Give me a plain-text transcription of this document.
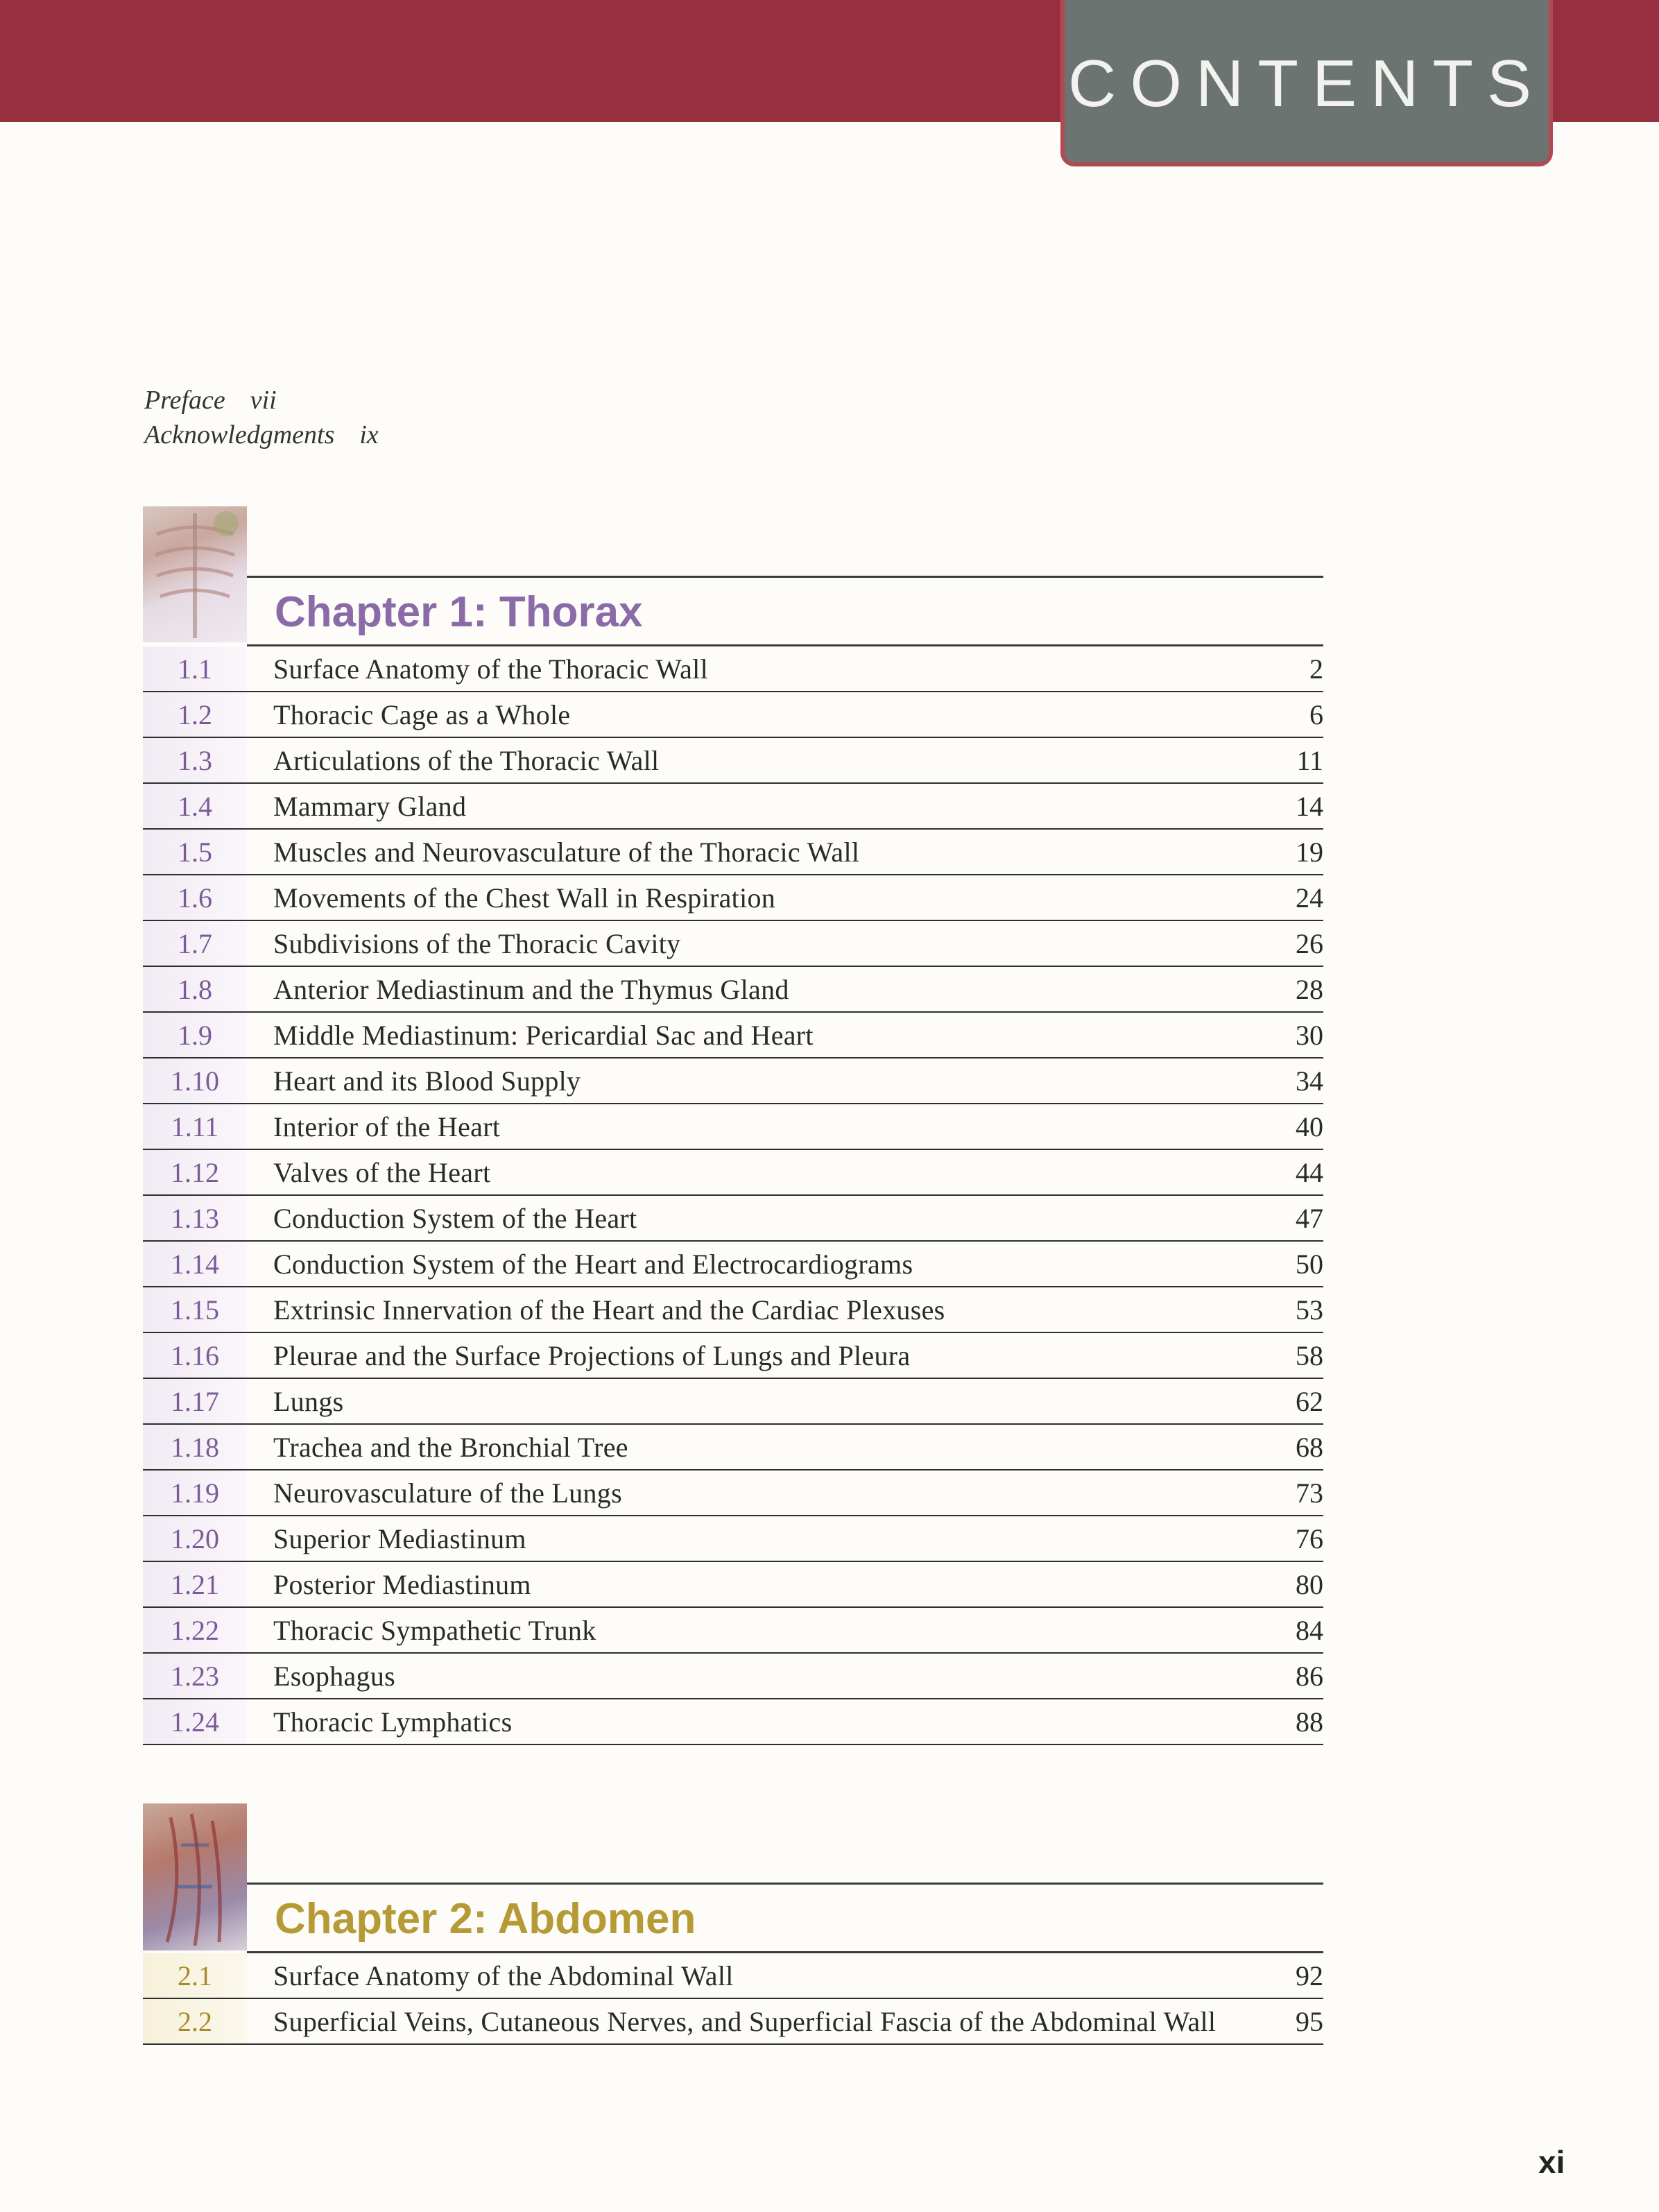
CONTENTS
Preface vii
Acknowledgments ix
Chapter 1: Thorax
1.1	Surface Anatomy of the Thoracic Wall	2
1.2	Thoracic Cage as a Whole	6
1.3	Articulations of the Thoracic Wall	11
1.4	Mammary Gland	14
1.5	Muscles and Neurovasculature of the Thoracic Wall	19
1.6	Movements of the Chest Wall in Respiration	24
1.7	Subdivisions of the Thoracic Cavity	26
1.8	Anterior Mediastinum and the Thymus Gland	28
1.9	Middle Mediastinum: Pericardial Sac and Heart	30
1.10	Heart and its Blood Supply	34
1.11	Interior of the Heart	40
1.12	Valves of the Heart	44
1.13	Conduction System of the Heart	47
1.14	Conduction System of the Heart and Electrocardiograms	50
1.15	Extrinsic Innervation of the Heart and the Cardiac Plexuses	53
1.16	Pleurae and the Surface Projections of Lungs and Pleura	58
1.17	Lungs	62
1.18	Trachea and the Bronchial Tree	68
1.19	Neurovasculature of the Lungs	73
1.20	Superior Mediastinum	76
1.21	Posterior Mediastinum	80
1.22	Thoracic Sympathetic Trunk	84
1.23	Esophagus	86
1.24	Thoracic Lymphatics	88
Chapter 2: Abdomen
2.1	Surface Anatomy of the Abdominal Wall	92
2.2	Superficial Veins, Cutaneous Nerves, and Superficial Fascia of the Abdominal Wall	95
xi
